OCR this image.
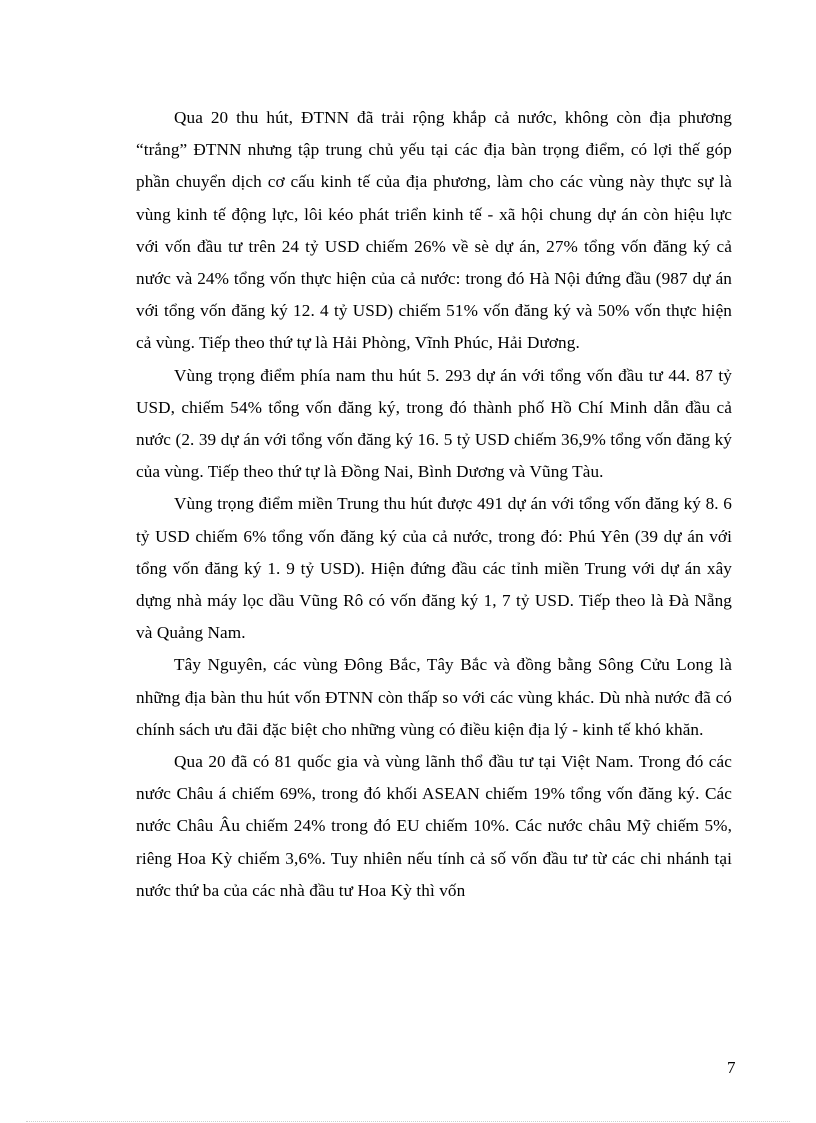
Qua 20 thu hút, ĐTNN đã trải rộng khắp cả nước, không còn địa phương “trắng” ĐTNN nhưng tập trung chủ yếu tại các địa bàn trọng điểm, có lợi thế góp phần chuyển dịch cơ cấu kinh tế của địa phương, làm cho các vùng này thực sự là vùng kinh tế động lực, lôi kéo phát triển kinh tế - xã hội chung dự án còn hiệu lực với vốn đầu tư trên 24 tỷ USD chiếm 26% về sè dự án, 27% tổng vốn đăng ký cả nước và 24% tổng vốn thực hiện của cả nước: trong đó Hà Nội đứng đầu (987 dự án với tổng vốn đăng ký 12. 4 tỷ USD) chiếm 51% vốn đăng ký và 50% vốn thực hiện cả vùng. Tiếp theo thứ tự là Hải Phòng, Vĩnh Phúc, Hải Dương.

Vùng trọng điểm phía nam thu hút 5. 293 dự án với tổng vốn đầu tư 44. 87 tỷ USD, chiếm 54% tổng vốn đăng ký, trong đó thành phố Hồ Chí Minh dẫn đầu cả nước (2. 39 dự án với tổng vốn đăng ký 16. 5 tỷ USD chiếm 36,9% tổng vốn đăng ký của vùng. Tiếp theo thứ tự là Đồng Nai, Bình Dương và Vũng Tàu.

Vùng trọng điểm miền Trung thu hút được 491 dự án với tổng vốn đăng ký 8. 6 tỷ USD chiếm 6% tổng vốn đăng ký của cả nước, trong đó: Phú Yên (39 dự án với tổng vốn đăng ký 1. 9 tỷ USD). Hiện đứng đầu các tỉnh miền Trung với dự án xây dựng nhà máy lọc dầu Vũng Rô có vốn đăng ký 1, 7 tỷ USD. Tiếp theo là Đà Nẵng và Quảng Nam.

Tây Nguyên, các vùng Đông Bắc, Tây Bắc và đồng bằng Sông Cửu Long là những địa bàn thu hút vốn ĐTNN còn thấp so với các vùng khác. Dù nhà nước đã có chính sách ưu đãi đặc biệt cho những vùng có điều kiện địa lý - kinh tế khó khăn.

Qua 20 đã có 81 quốc gia và vùng lãnh thổ đầu tư tại Việt Nam. Trong đó các nước Châu á chiếm 69%, trong đó khối ASEAN chiếm 19% tổng vốn đăng ký. Các nước Châu Âu chiếm 24% trong đó EU chiếm 10%. Các nước châu Mỹ chiếm 5%, riêng Hoa Kỳ chiếm 3,6%. Tuy nhiên nếu tính cả số vốn đầu tư từ các chi nhánh tại nước thứ ba của các nhà đầu tư Hoa Kỳ thì vốn

7
